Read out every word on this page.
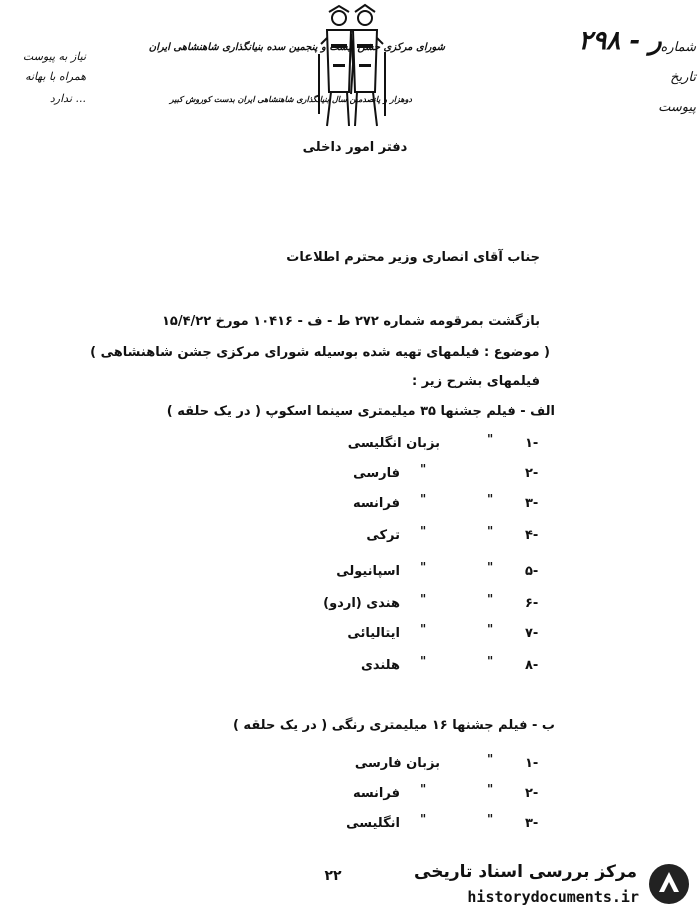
شورای مرکزی جشن بیست و پنجمین سده بنیانگذاری شاهنشاهی ایران
دوهزار و پانصدمین سال بنیانگذاری شاهنشاهی ایران بدست کوروش کبیر
دفتر امور داخلی
شماره
ر - ۲۹۸
تاریخ
پیوست
نیاز به پیوست
همراه با بهانه
... ندارد
جناب آقای انصاری وزیر محترم اطلاعات
بازگشت بمرقومه شماره ۲۷۲ ط - ف - ۱۰۴۱۶ مورخ ۱۵/۴/۲۲
( موضوع : فیلمهای تهیه شده بوسیله شورای مرکزی جشن شاهنشاهی )
فیلمهای بشرح زیر :
الف - فیلم جشنها ۳۵ میلیمتری سینما اسکوپ ( در یک حلقه )
۱-
"
بزبان انگلیسی
۲-
"
فارسی
۳-
"
"
فرانسه
۴-
"
"
ترکی
۵-
"
"
اسپانیولی
۶-
"
"
هندی (اردو)
۷-
"
"
ایتالیائی
۸-
"
"
هلندی
ب - فیلم جشنها ۱۶ میلیمتری رنگی ( در یک حلقه )
۱-
"
بزبان فارسی
۲-
"
"
فرانسه
۳-
"
"
انگلیسی
۲۲	مرکز بررسی اسناد تاریخی
historydocuments.ir
